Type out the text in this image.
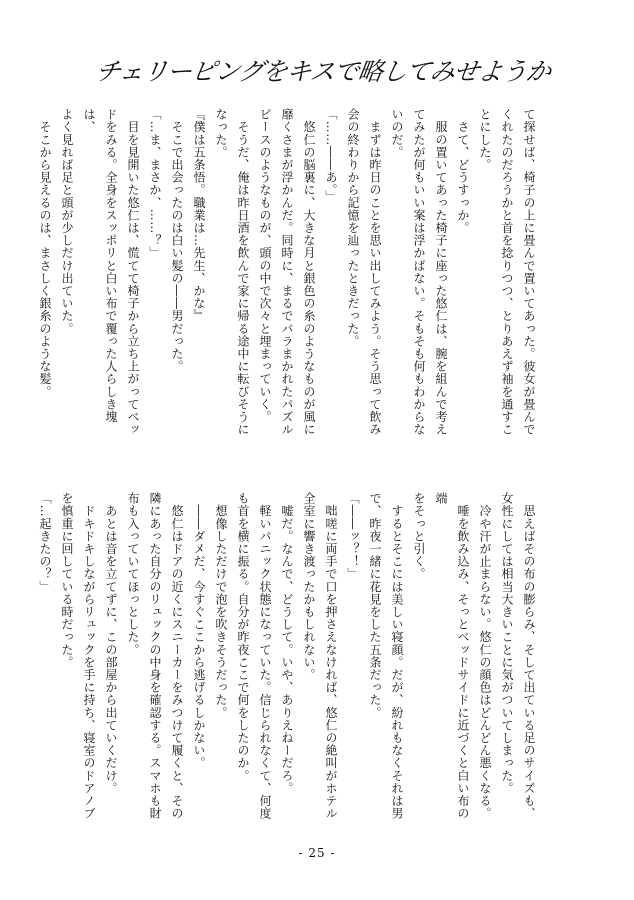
チェリーピングをキスで略してみせようか
て探せば、椅子の上に畳んで置いてあった。彼女が畳んで
くれたのだろうかと首を捻りつつ、とりあえず袖を通すこ
とにした。
　さて、どうすっか。
　服の置いてあった椅子に座った悠仁は、腕を組んで考え
てみたが何もいい案は浮かばない。そもそも何もわからな
いのだ。
　まずは昨日のことを思い出してみよう。そう思って飲み
会の終わりから記憶を辿ったときだった。
「……――あ。」
　悠仁の脳裏に、大きな月と銀色の糸のようなものが風に
靡くさまが浮かんだ。同時に、まるでバラまかれたパズル
ピースのようなものが、頭の中で次々と埋まっていく。
　そうだ、俺は昨日酒を飲んで家に帰る途中に転びそうに
なった。
『僕は五条悟。職業は…先生、かな』
　そこで出会ったのは白い髪の――男だった。
「…ま、まさか、……？」
　目を見開いた悠仁は、慌てて椅子から立ち上がってベッ
ドをみる。全身をスッポリと白い布で覆った人らしき塊は、
よく見れば足と頭が少しだけ出ていた。
　そこから見えるのは、まさしく銀糸のような髪。
　思えばその布の膨らみ、そして出ている足のサイズも、
女性にしては相当大きいことに気がついてしまった。
　冷や汗が止まらない。悠仁の顔色はどんどん悪くなる。
　唾を飲み込み、そっとベッドサイドに近づくと白い布の端
をそっと引く。
　するとそこには美しい寝顔。だが、紛れもなくそれは男
で、昨夜一緒に花見をした五条だった。
「――ッ？！」
　咄嗟に両手で口を押さえなければ、悠仁の絶叫がホテル
全室に響き渡ったかもしれない。
　嘘だ。なんで、どうして。いや、ありえねーだろ。
　軽いパニック状態になっていた。信じられなくて、何度
も首を横に振る。自分が昨夜ここで何をしたのか。
　想像しただけで泡を吹きそうだった。
　――ダメだ、今すぐここから逃げるしかない。
　悠仁はドアの近くにスニーカーをみつけて履くと、その
隣にあった自分のリュックの中身を確認する。スマホも財
布も入っていてほっとした。
　あとは音を立てずに、この部屋から出ていくだけ。
　ドキドキしながらリュックを手に持ち、寝室のドアノブ
を慎重に回している時だった。
「…起きたの？」
- 25 -
